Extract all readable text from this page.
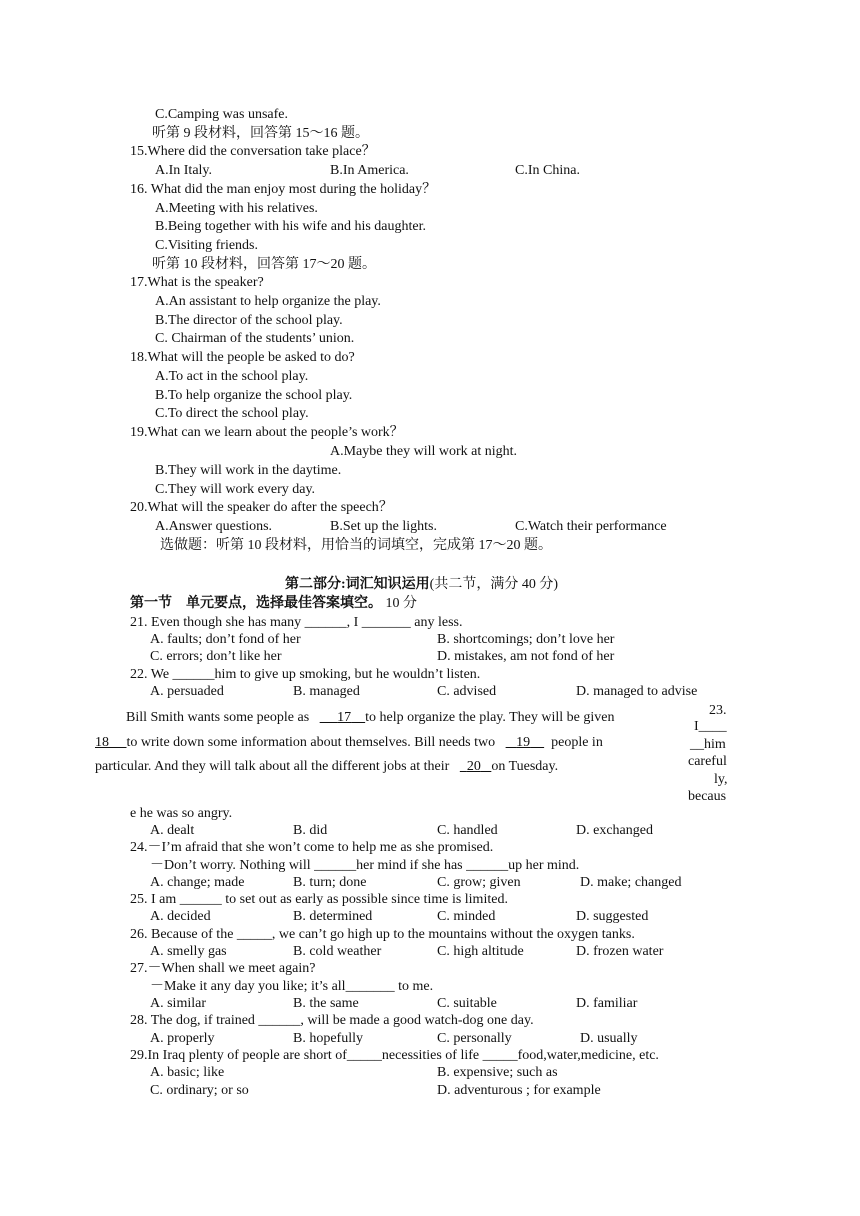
C.Camping was unsafe.
听第 9 段材料，回答第 15～16 题。
15.Where did the conversation take place？
A.In Italy.	B.In America.	C.In China.
16. What did the man enjoy most during the holiday？
A.Meeting with his relatives.
B.Being together with his wife and his daughter.
C.Visiting friends.
听第 10 段材料，回答第 17～20 题。
17.What is the speaker?
A.An assistant to help organize the play.
B.The director of the school play.
C. Chairman of the students’ union.
18.What will the people be asked to do?
A.To act in the school play.
B.To help organize the school play.
C.To direct the school play.
19.What can we learn about the people’s work？
A.Maybe they will work at night.
B.They will work in the daytime.
C.They will work every day.
20.What will the speaker do after the speech？
A.Answer questions.	B.Set up the lights.	C.Watch their performance
选做题：听第 10 段材料，用恰当的词填空，完成第 17～20 题。
第二部分:词汇知识运用(共二节，满分 40 分)
第一节　单元要点，选择最佳答案填空。 10 分
21. Even though she has many ______, I _______ any less.
A. faults; don’t fond of her	B. shortcomings; don’t love her
C. errors; don’t like her	D. mistakes, am not fond of her
22. We ______him to give up smoking, but he wouldn’t listen.
A. persuaded	B. managed	C. advised	D. managed to advise
Bill Smith wants some people as 17 to help organize the play. They will be given
18 to write down some information about themselves. Bill needs two 19 people in
particular. And they will talk about all the different jobs at their 20 on Tuesday.
23.
I____
__him
careful
ly,
becaus
e he was so angry.
A. dealt	B. did	C. handled	D. exchanged
24.－I’m afraid that she won’t come to help me as she promised.
－Don’t worry. Nothing will ______her mind if she has ______up her mind.
A. change; made	B. turn; done	C. grow; given	D. make; changed
25. I am ______ to set out as early as possible since time is limited.
A. decided	B. determined	C. minded	D. suggested
26. Because of the _____, we can’t go high up to the mountains without the oxygen tanks.
A. smelly gas	B. cold weather	C. high altitude	D. frozen water
27.－When shall we meet again?
－Make it any day you like; it’s all_______ to me.
A. similar	B. the same	C. suitable	D. familiar
28. The dog, if trained ______, will be made a good watch-dog one day.
A. properly	B. hopefully	C. personally	D. usually
29.In Iraq plenty of people are short of_____necessities of life _____food,water,medicine, etc.
A. basic; like	B. expensive; such as
C. ordinary; or so	D. adventurous ; for example
